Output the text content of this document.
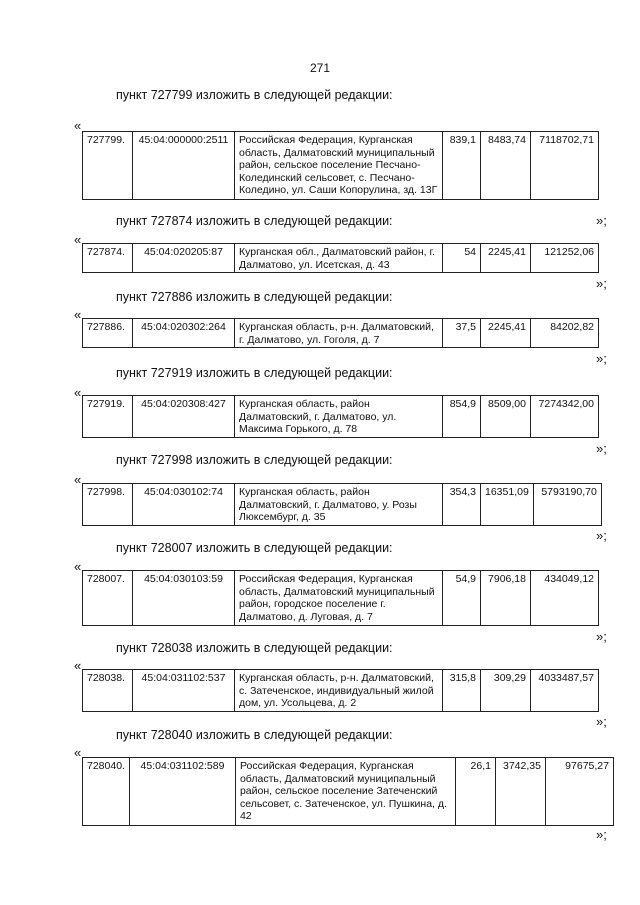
271
пункт 727799 изложить в следующей редакции:
«
727799.	45:04:000000:2511	Российская Федерация, Курганская область, Далматовский муниципальный район, сельское поселение Песчано-Колединский сельсовет, с. Песчано-Коледино, ул. Саши Копорулина, зд. 13Г	839,1	8483,74	7118702,71
»;
пункт 727874 изложить в следующей редакции:
«
727874.	45:04:020205:87	Курганская обл., Далматовский район, г. Далматово, ул. Исетская, д. 43	54	2245,41	121252,06
»;
пункт 727886 изложить в следующей редакции:
«
727886.	45:04:020302:264	Курганская область, р-н. Далматовский, г. Далматово, ул. Гоголя, д. 7	37,5	2245,41	84202,82
»;
пункт 727919 изложить в следующей редакции:
«
727919.	45:04:020308:427	Курганская область, район Далматовский, г. Далматово, ул. Максима Горького, д. 78	854,9	8509,00	7274342,00
»;
пункт 727998 изложить в следующей редакции:
«
727998.	45:04:030102:74	Курганская область, район Далматовский, г. Далматово, у. Розы Люксембург, д. 35	354,3	16351,09	5793190,70
»;
пункт 728007 изложить в следующей редакции:
«
728007.	45:04:030103:59	Российская Федерация, Курганская область, Далматовский муниципальный район, городское поселение г. Далматово, д. Луговая, д. 7	54,9	7906,18	434049,12
»;
пункт 728038 изложить в следующей редакции:
«
728038.	45:04:031102:537	Курганская область, р-н. Далматовский, с. Затеченское, индивидуальный жилой дом, ул. Усольцева, д. 2	315,8	309,29	4033487,57
»;
пункт 728040 изложить в следующей редакции:
«
728040.	45:04:031102:589	Российская Федерация, Курганская область, Далматовский муниципальный район, сельское поселение Затеченский сельсовет, с. Затеченское, ул. Пушкина, д. 42	26,1	3742,35	97675,27
»;
